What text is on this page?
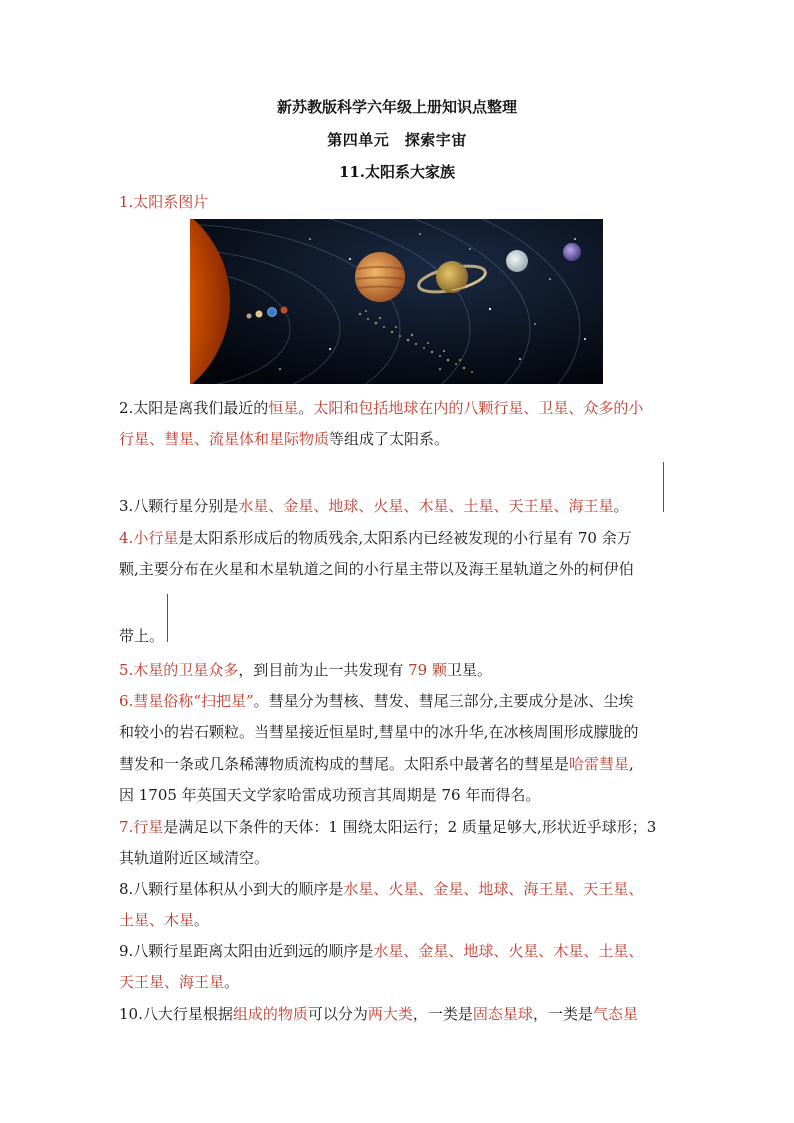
新苏教版科学六年级上册知识点整理
第四单元　探索宇宙
11.太阳系大家族
1.太阳系图片
2.太阳是离我们最近的恒星。太阳和包括地球在内的八颗行星、卫星、众多的小
行星、彗星、流星体和星际物质等组成了太阳系。
3.八颗行星分别是水星、金星、地球、火星、木星、土星、天王星、海王星。
4.小行星是太阳系形成后的物质残余,太阳系内已经被发现的小行星有 70 余万
颗,主要分布在火星和木星轨道之间的小行星主带以及海王星轨道之外的柯伊伯
带上。
5.木星的卫星众多，到目前为止一共发现有 79 颗卫星。
6.彗星俗称“扫把星”。彗星分为彗核、彗发、彗尾三部分,主要成分是冰、尘埃
和较小的岩石颗粒。当彗星接近恒星时,彗星中的冰升华,在冰核周围形成朦胧的
彗发和一条或几条稀薄物质流构成的彗尾。太阳系中最著名的彗星是哈雷彗星,
因 1705 年英国天文学家哈雷成功预言其周期是 76 年而得名。
7.行星是满足以下条件的天体：1 围绕太阳运行；2 质量足够大,形状近乎球形；3
其轨道附近区域清空。
8.八颗行星体积从小到大的顺序是水星、火星、金星、地球、海王星、天王星、
土星、木星。
9.八颗行星距离太阳由近到远的顺序是水星、金星、地球、火星、木星、土星、
天王星、海王星。
10.八大行星根据组成的物质可以分为两大类，一类是固态星球，一类是气态星
